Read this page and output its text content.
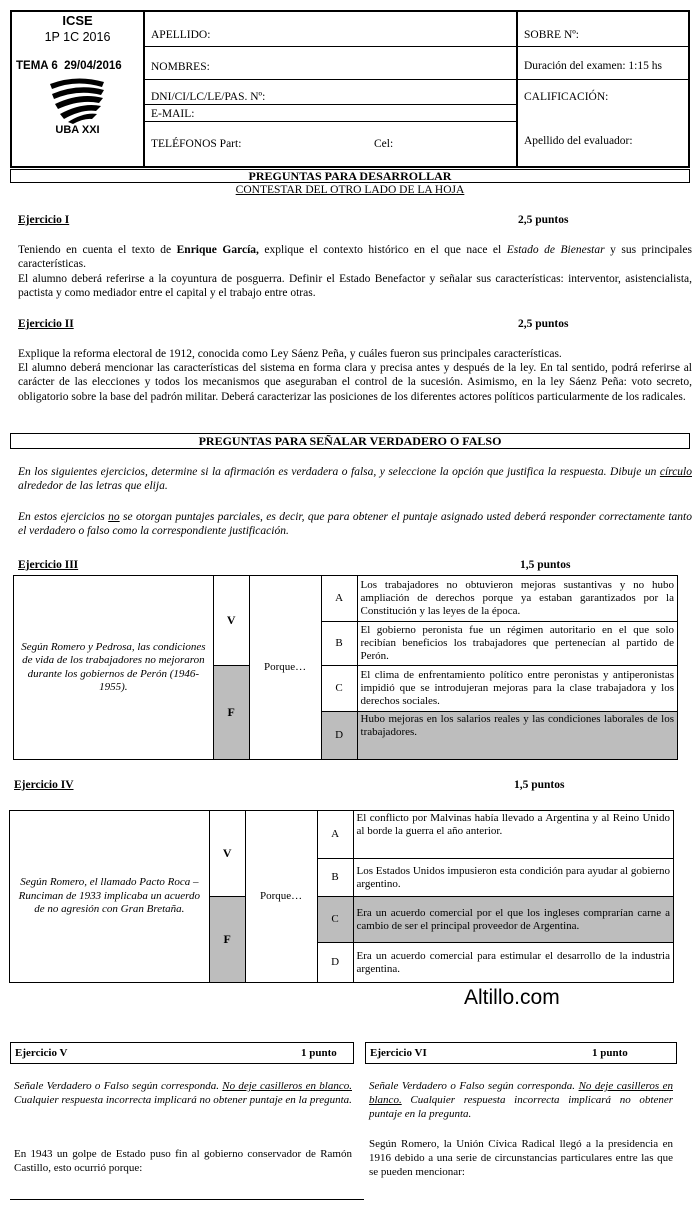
ICSE
1P 1C 2016
TEMA 6 29/04/2016
UBA XXI
APELLIDO:
NOMBRES:
DNI/CI/LC/LE/PAS. Nº:
E-MAIL:
TELÉFONOS Part:	Cel:
SOBRE Nº:
Duración del examen: 1:15 hs
CALIFICACIÓN:
Apellido del evaluador:
PREGUNTAS PARA DESARROLLAR
CONTESTAR DEL OTRO LADO DE LA HOJA
Ejercicio I	2,5 puntos
Teniendo en cuenta el texto de Enrique García, explique el contexto histórico en el que nace el Estado de Bienestar y sus principales características.
El alumno deberá referirse a la coyuntura de posguerra. Definir el Estado Benefactor y señalar sus características: interventor, asistencialista, pactista y como mediador entre el capital y el trabajo entre otras.
Ejercicio II	2,5 puntos
Explique la reforma electoral de 1912, conocida como Ley Sáenz Peña, y cuáles fueron sus principales características.
El alumno deberá mencionar las características del sistema en forma clara y precisa antes y después de la ley. En tal sentido, podrá referirse al carácter de las elecciones y todos los mecanismos que aseguraban el control de la sucesión. Asimismo, en la ley Sáenz Peña: voto secreto, obligatorio sobre la base del padrón militar. Deberá caracterizar las posiciones de los diferentes actores políticos particularmente de los radicales.
PREGUNTAS PARA SEÑALAR VERDADERO O FALSO
En los siguientes ejercicios, determine si la afirmación es verdadera o falsa, y seleccione la opción que justifica la respuesta. Dibuje un círculo alrededor de las letras que elija.
En estos ejercicios no se otorgan puntajes parciales, es decir, que para obtener el puntaje asignado usted deberá responder correctamente tanto el verdadero o falso como la correspondiente justificación.
Ejercicio III	1,5 puntos
Según Romero y Pedrosa, las condiciones de vida de los trabajadores no mejoraron durante los gobiernos de Perón (1946-1955).	V	Porque…	A	Los trabajadores no obtuvieron mejoras sustantivas y no hubo ampliación de derechos porque ya estaban garantizados por la Constitución y las leyes de la época.
			B	El gobierno peronista fue un régimen autoritario en el que solo recibían beneficios los trabajadores que pertenecían al partido de Perón.
	F		C	El clima de enfrentamiento político entre peronistas y antiperonistas impidió que se introdujeran mejoras para la clase trabajadora y los derechos sociales.
			D	Hubo mejoras en los salarios reales y las condiciones laborales de los trabajadores.
Ejercicio IV	1,5 puntos
Según Romero, el llamado Pacto Roca – Runciman de 1933 implicaba un acuerdo de no agresión con Gran Bretaña.	V	Porque…	A	El conflicto por Malvinas había llevado a Argentina y al Reino Unido al borde la guerra el año anterior.
			B	Los Estados Unidos impusieron esta condición para ayudar al gobierno argentino.
	F		C	Era un acuerdo comercial por el que los ingleses comprarían carne a cambio de ser el principal proveedor de Argentina.
			D	Era un acuerdo comercial para estimular el desarrollo de la industria argentina.
Altillo.com
Ejercicio V	1 punto
Señale Verdadero o Falso según corresponda. No deje casilleros en blanco. Cualquier respuesta incorrecta implicará no obtener puntaje en la pregunta.
En 1943 un golpe de Estado puso fin al gobierno conservador de Ramón Castillo, esto ocurrió porque:
Ejercicio VI	1 punto
Señale Verdadero o Falso según corresponda. No deje casilleros en blanco. Cualquier respuesta incorrecta implicará no obtener puntaje en la pregunta.
Según Romero, la Unión Cívica Radical llegó a la presidencia en 1916 debido a una serie de circunstancias particulares entre las que se pueden mencionar:
